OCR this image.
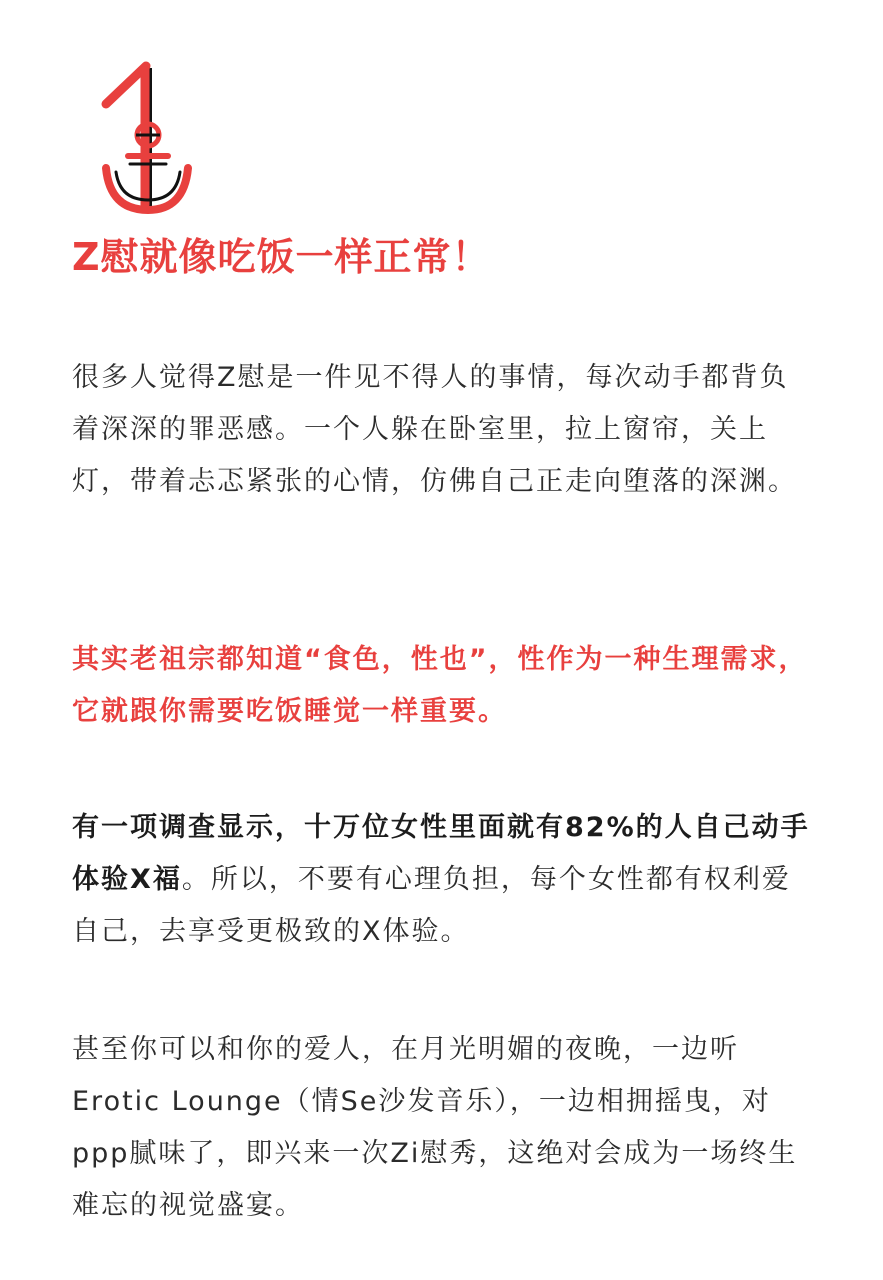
Z慰就像吃饭一样正常！

很多人觉得Z慰是一件见不得人的事情，每次动手都背负着深深的罪恶感。一个人躲在卧室里，拉上窗帘，关上灯，带着忐忑紧张的心情，仿佛自己正走向堕落的深渊。

其实老祖宗都知道“食色，性也”，性作为一种生理需求，它就跟你需要吃饭睡觉一样重要。

有一项调查显示，十万位女性里面就有82%的人自己动手体验X福。所以，不要有心理负担，每个女性都有权利爱自己，去享受更极致的X体验。

甚至你可以和你的爱人，在月光明媚的夜晚，一边听Erotic Lounge（情Se沙发音乐），一边相拥摇曳，对ppp腻味了，即兴来一次Zi慰秀，这绝对会成为一场终生难忘的视觉盛宴。
